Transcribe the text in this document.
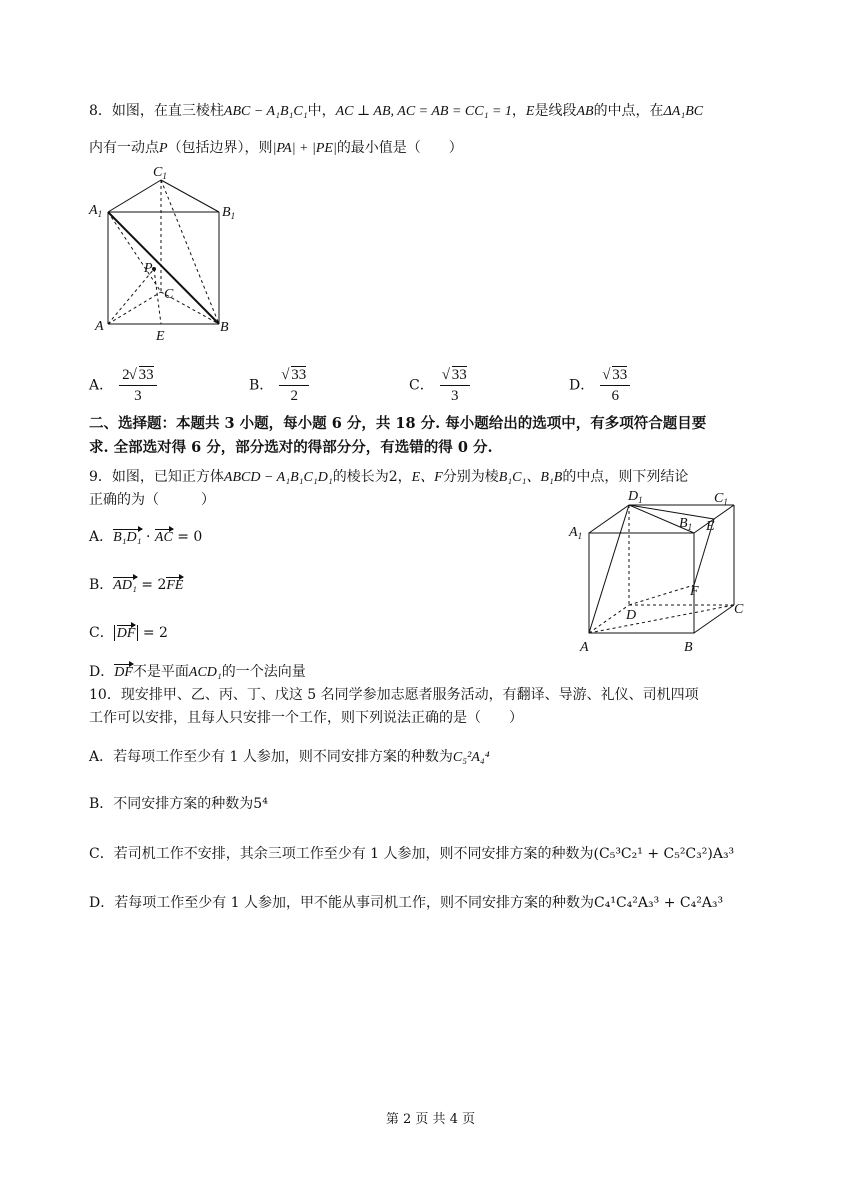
8．如图，在直三棱柱ABC − A₁B₁C₁中，AC ⊥ AB, AC = AB = CC₁ = 1，E是线段AB的中点，在ΔA₁BC
内有一动点P（包括边界），则|PA| + |PE|的最小值是（　　）
$C_1$
$A_1$	$B_1$
P
C
A	B
E
A． $\frac{2 √ 33}{3}$	B． √ $\frac{33}{2}$	C． √ $\frac{33}{3}$	D． √ $\frac{33}{6}$
二、选择题：本题共 3 小题，每小题 6 分，共 18 分. 每小题给出的选项中，有多项符合题目要
求. 全部选对得 6 分，部分选对的得部分分，有选错的得 0 分.
9．如图，已知正方体ABCD − A₁B₁C₁D₁的棱长为2，E、F分别为棱B₁C₁、B₁B的中点，则下列结论
正确的为（　　　）
A．B₁D₁ · AC = 0
B．AD₁ = 2FE
C． DF = 2
D．DF不是平面ACD₁的一个法向量
$D_1$	$C_1$
$A_1$
$B_1$ E
F
D	C
A	B
10．现安排甲、乙、丙、丁、戊这 5 名同学参加志愿者服务活动，有翻译、导游、礼仪、司机四项
工作可以安排，且每人只安排一个工作，则下列说法正确的是（　　）
A．若每项工作至少有 1 人参加，则不同安排方案的种数为C₅²A₄⁴
B．不同安排方案的种数为5⁴
C．若司机工作不安排，其余三项工作至少有 1 人参加，则不同安排方案的种数为(C₅³C₂¹ + C₅²C₃²)A₃³
D．若每项工作至少有 1 人参加，甲不能从事司机工作，则不同安排方案的种数为C₄¹C₄²A₃³ + C₄²A₃³
第 2 页 共 4 页
